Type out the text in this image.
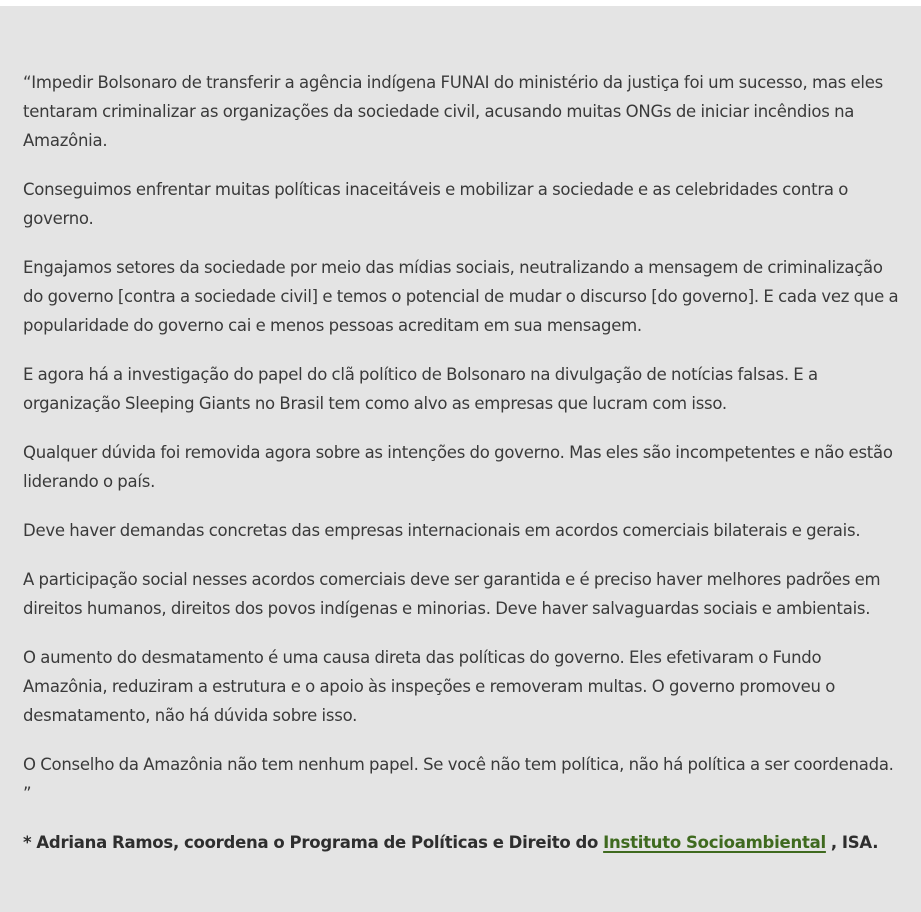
“Impedir Bolsonaro de transferir a agência indígena FUNAI do ministério da justiça foi um sucesso, mas eles tentaram criminalizar as organizações da sociedade civil, acusando muitas ONGs de iniciar incêndios na Amazônia.

Conseguimos enfrentar muitas políticas inaceitáveis e mobilizar a sociedade e as celebridades contra o governo.

Engajamos setores da sociedade por meio das mídias sociais, neutralizando a mensagem de criminalização do governo [contra a sociedade civil] e temos o potencial de mudar o discurso [do governo]. E cada vez que a popularidade do governo cai e menos pessoas acreditam em sua mensagem.

E agora há a investigação do papel do clã político de Bolsonaro na divulgação de notícias falsas. E a organização Sleeping Giants no Brasil tem como alvo as empresas que lucram com isso.

Qualquer dúvida foi removida agora sobre as intenções do governo. Mas eles são incompetentes e não estão liderando o país.

Deve haver demandas concretas das empresas internacionais em acordos comerciais bilaterais e gerais.

A participação social nesses acordos comerciais deve ser garantida e é preciso haver melhores padrões em direitos humanos, direitos dos povos indígenas e minorias. Deve haver salvaguardas sociais e ambientais.

O aumento do desmatamento é uma causa direta das políticas do governo. Eles efetivaram o Fundo Amazônia, reduziram a estrutura e o apoio às inspeções e removeram multas. O governo promoveu o desmatamento, não há dúvida sobre isso.

O Conselho da Amazônia não tem nenhum papel. Se você não tem política, não há política a ser coordenada. ”

* Adriana Ramos, coordena o Programa de Políticas e Direito do Instituto Socioambiental , ISA.
